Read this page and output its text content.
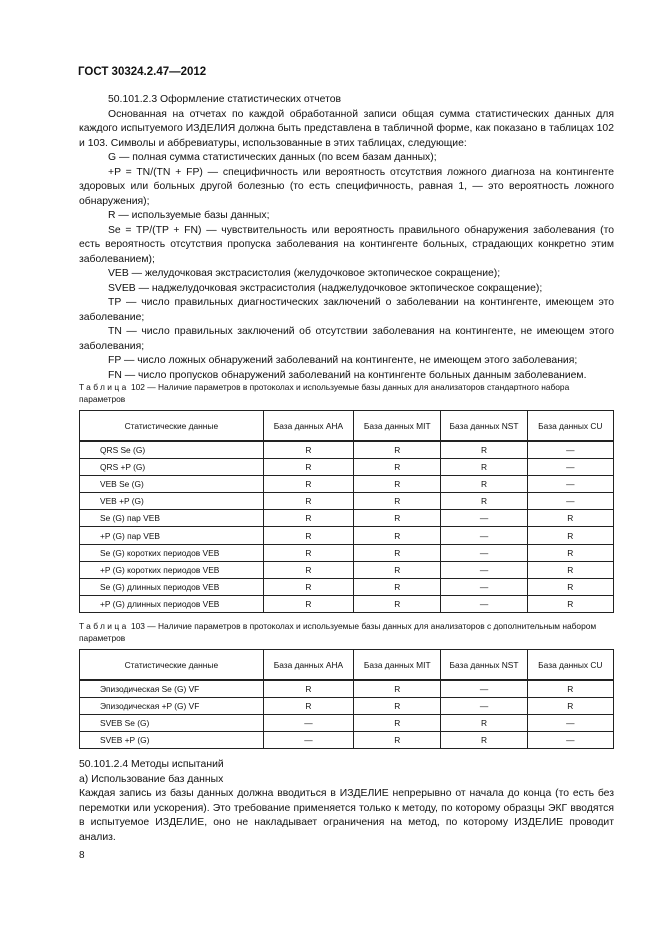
ГОСТ 30324.2.47—2012

50.101.2.3 Оформление статистических отчетов

Основанная на отчетах по каждой обработанной записи общая сумма статистических данных для каждого испытуемого ИЗДЕЛИЯ должна быть представлена в табличной форме, как показано в таблицах 102 и 103. Символы и аббревиатуры, использованные в этих таблицах, следующие:

G — полная сумма статистических данных (по всем базам данных);

+P = TN/(TN + FP) — специфичность или вероятность отсутствия ложного диагноза на контингенте здоровых или больных другой болезнью (то есть специфичность, равная 1, — это вероятность ложного обнаружения);

R — используемые базы данных;

Se = TP/(TP + FN) — чувствительность или вероятность правильного обнаружения заболевания (то есть вероятность отсутствия пропуска заболевания на контингенте больных, страдающих конкретно этим заболеванием);

VEB — желудочковая экстрасистолия (желудочковое эктопическое сокращение);

SVEB — наджелудочковая экстрасистолия (наджелудочковое эктопическое сокращение);

TP — число правильных диагностических заключений о заболевании на контингенте, имеющем это заболевание;

TN — число правильных заключений об отсутствии заболевания на контингенте, не имеющем этого заболевания;

FP — число ложных обнаружений заболеваний на контингенте, не имеющем этого заболевания;

FN — число пропусков обнаружений заболеваний на контингенте больных данным заболеванием.

Таблица 102 — Наличие параметров в протоколах и используемые базы данных для анализаторов стандартного набора параметров
Статистические данные	База данных АНА	База данных MIT	База данных NST	База данных CU
QRS Se (G)	R	R	R	—
QRS +P (G)	R	R	R	—
VEB Se (G)	R	R	R	—
VEB +P (G)	R	R	R	—
Se (G) пар VEB	R	R	—	R
+P (G) пар VEB	R	R	—	R
Se (G) коротких периодов VEB	R	R	—	R
+P (G) коротких периодов VEB	R	R	—	R
Se (G) длинных периодов VEB	R	R	—	R
+P (G) длинных периодов VEB	R	R	—	R
Таблица 103 — Наличие параметров в протоколах и используемые базы данных для анализаторов с дополнительным набором параметров
Статистические данные	База данных АНА	База данных MIT	База данных NST	База данных CU
Эпизодическая Se (G) VF	R	R	—	R
Эпизодическая +P (G) VF	R	R	—	R
SVEB Se (G)	—	R	R	—
SVEB +P (G)	—	R	R	—

50.101.2.4 Методы испытаний

а) Использование баз данных

Каждая запись из базы данных должна вводиться в ИЗДЕЛИЕ непрерывно от начала до конца (то есть без перемотки или ускорения). Это требование применяется только к методу, по которому образцы ЭКГ вводятся в испытуемое ИЗДЕЛИЕ, оно не накладывает ограничения на метод, по которому ИЗДЕЛИЕ проводит анализ.

8
